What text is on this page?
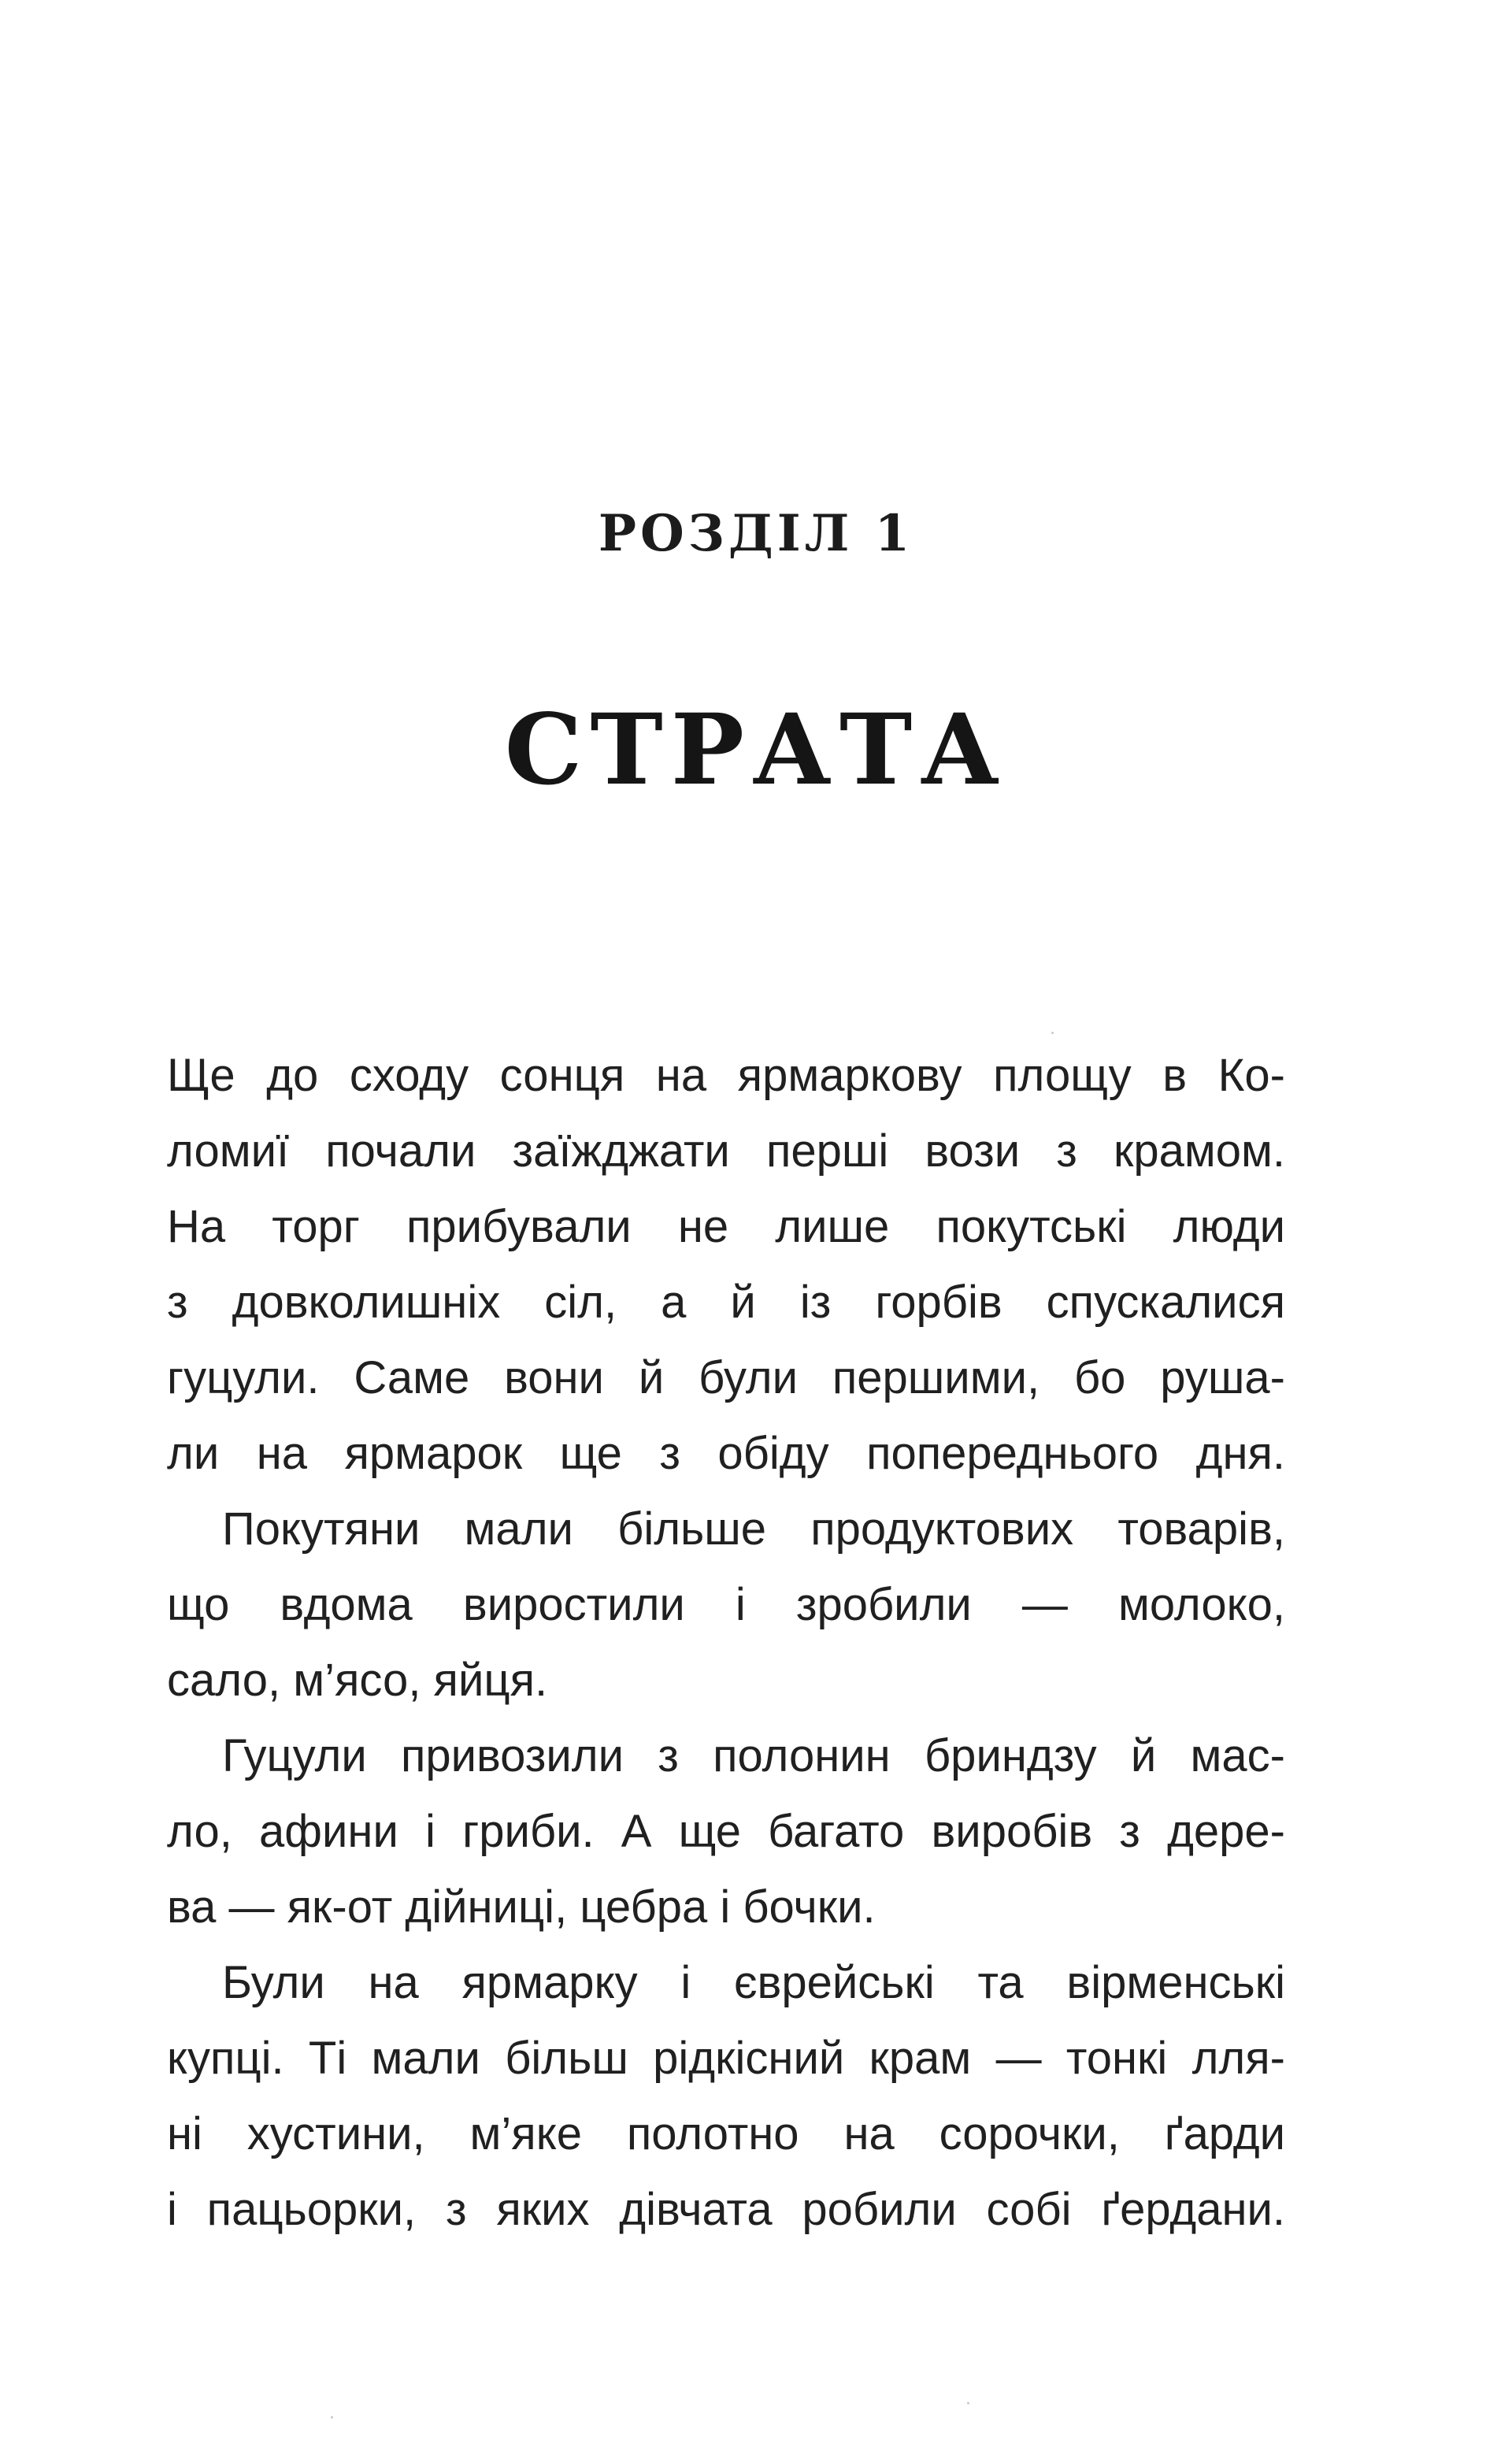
РОЗДІЛ 1
СТРАТА
Ще до сходу сонця на ярмаркову площу в Ко-
ломиї почали заїжджати перші вози з крамом.
На торг прибували не лише покутські люди
з довколишніх сіл, а й із горбів спускалися
гуцули. Саме вони й були першими, бо руша-
ли на ярмарок ще з обіду попереднього дня.
Покутяни мали більше продуктових товарів,
що вдома виростили і зробили — молоко,
сало, м’ясо, яйця.
Гуцули привозили з полонин бриндзу й мас-
ло, афини і гриби. А ще багато виробів з дере-
ва — як-от дійниці, цебра і бочки.
Були на ярмарку і єврейські та вірменські
купці. Ті мали більш рідкісний крам — тонкі лля-
ні хустини, м’яке полотно на сорочки, ґарди
і пацьорки, з яких дівчата робили собі ґердани.
